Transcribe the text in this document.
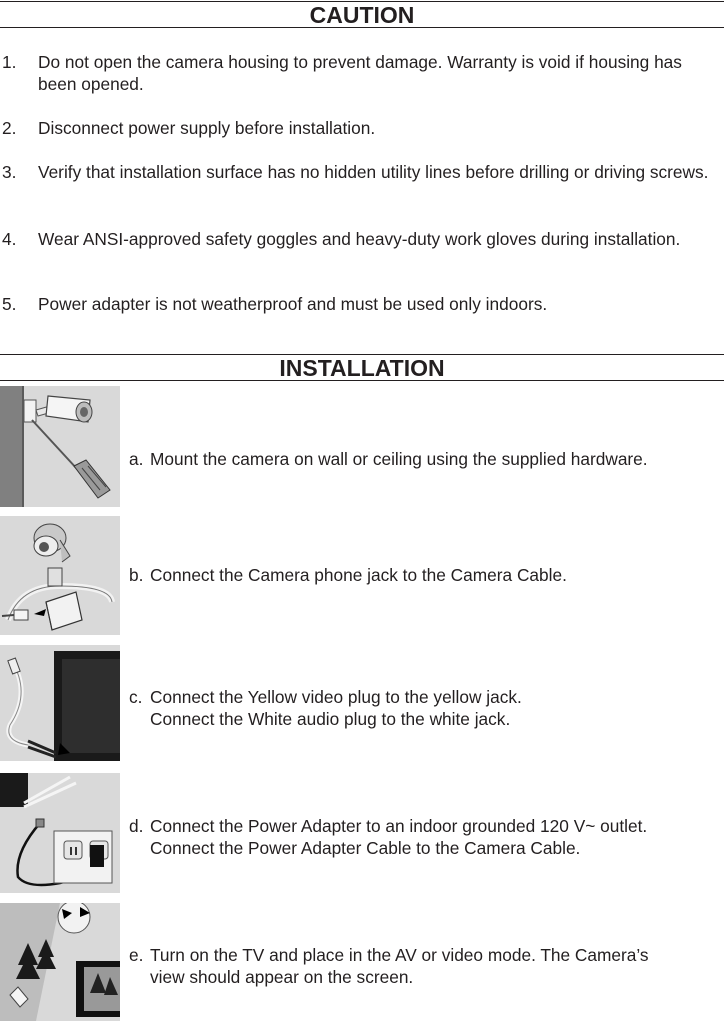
CAUTION
1. Do not open the camera housing to prevent damage. Warranty is void if housing has been opened.
2. Disconnect power supply before installation.
3. Verify that installation surface has no hidden utility lines before drilling or driving screws.
4. Wear ANSI-approved safety goggles and heavy-duty work gloves during installation.
5. Power adapter is not weatherproof and must be used only indoors.
INSTALLATION
a. Mount the camera on wall or ceiling using the supplied hardware.
b. Connect the Camera phone jack to the Camera Cable.
c. Connect the Yellow video plug to the yellow jack.
Connect the White audio plug to the white jack.
d. Connect the Power Adapter to an indoor grounded 120 V~ outlet.
Connect the Power Adapter Cable to the Camera Cable.
e. Turn on the TV and place in the AV or video mode. The Camera’s
view should appear on the screen.
